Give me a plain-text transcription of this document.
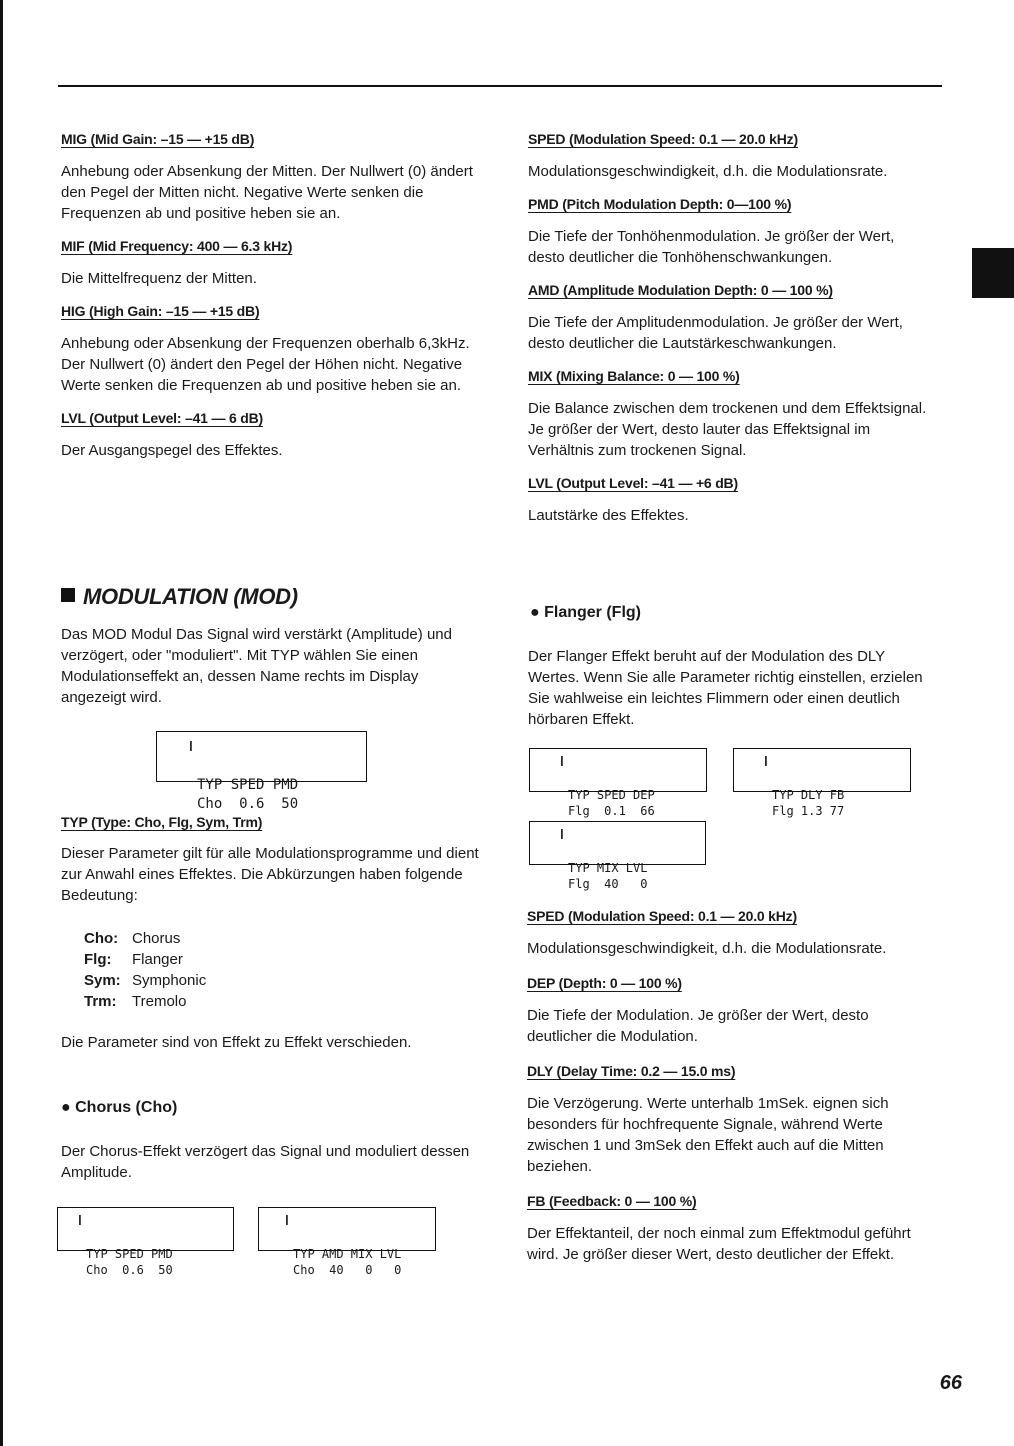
MIG (Mid Gain: –15 — +15 dB)

Anhebung oder Absenkung der Mitten. Der Nullwert (0) ändert den Pegel der Mitten nicht. Negative Werte senken die Frequenzen ab und positive heben sie an.

MIF (Mid Frequency: 400 — 6.3 kHz)

Die Mittelfrequenz der Mitten.

HIG (High Gain: –15 — +15 dB)

Anhebung oder Absenkung der Frequenzen oberhalb 6,3kHz. Der Nullwert (0) ändert den Pegel der Höhen nicht. Negative Werte senken die Frequenzen ab und positive heben sie an.

LVL (Output Level: –41 — 6 dB)

Der Ausgangspegel des Effektes.

SPED (Modulation Speed: 0.1 — 20.0 kHz)

Modulationsgeschwindigkeit, d.h. die Modulationsrate.

PMD (Pitch Modulation Depth: 0—100 %)

Die Tiefe der Tonhöhenmodulation. Je größer der Wert, desto deutlicher die Tonhöhenschwankungen.

AMD (Amplitude Modulation Depth: 0 — 100 %)

Die Tiefe der Amplitudenmodulation. Je größer der Wert, desto deutlicher die Lautstärkeschwankungen.

MIX (Mixing Balance: 0 — 100 %)

Die Balance zwischen dem trockenen und dem Effektsignal. Je größer der Wert, desto lauter das Effektsignal im Verhältnis zum trockenen Signal.

LVL (Output Level: –41 — +6 dB)

Lautstärke des Effektes.

MODULATION (MOD)

Das MOD Modul Das Signal wird verstärkt (Amplitude) und verzögert, oder "moduliert". Mit TYP wählen Sie einen Modulationseffekt an, dessen Name rechts im Display angezeigt wird.

ǀ
TYP SPED PMD
Cho  0.6  50

TYP (Type: Cho, Flg, Sym, Trm)

Dieser Parameter gilt für alle Modulationsprogramme und dient zur Anwahl eines Effektes. Die Abkürzungen haben folgende Bedeutung:

Cho: Chorus
Flg: Flanger
Sym: Symphonic
Trm: Tremolo

Die Parameter sind von Effekt zu Effekt verschieden.

● Chorus (Cho)

Der Chorus-Effekt verzögert das Signal und moduliert dessen Amplitude.

ǀ
TYP SPED PMD
Cho  0.6  50

ǀ
TYP AMD MIX LVL
Cho  40   0   0

● Flanger (Flg)

Der Flanger Effekt beruht auf der Modulation des DLY Wertes. Wenn Sie alle Parameter richtig einstellen, erzielen Sie wahlweise ein leichtes Flimmern oder einen deutlich hörbaren Effekt.

ǀ
TYP SPED DEP
Flg  0.1  66

ǀ
TYP DLY FB
Flg 1.3 77

ǀ
TYP MIX LVL
Flg  40   0

SPED (Modulation Speed: 0.1 — 20.0 kHz)

Modulationsgeschwindigkeit, d.h. die Modulationsrate.

DEP (Depth: 0 — 100 %)

Die Tiefe der Modulation. Je größer der Wert, desto deutlicher die Modulation.

DLY (Delay Time: 0.2 — 15.0 ms)

Die Verzögerung. Werte unterhalb 1mSek. eignen sich besonders für hochfrequente Signale, während Werte zwischen 1 und 3mSek den Effekt auch auf die Mitten beziehen.

FB (Feedback: 0 — 100 %)

Der Effektanteil, der noch einmal zum Effektmodul geführt wird. Je größer dieser Wert, desto deutlicher der Effekt.

66
